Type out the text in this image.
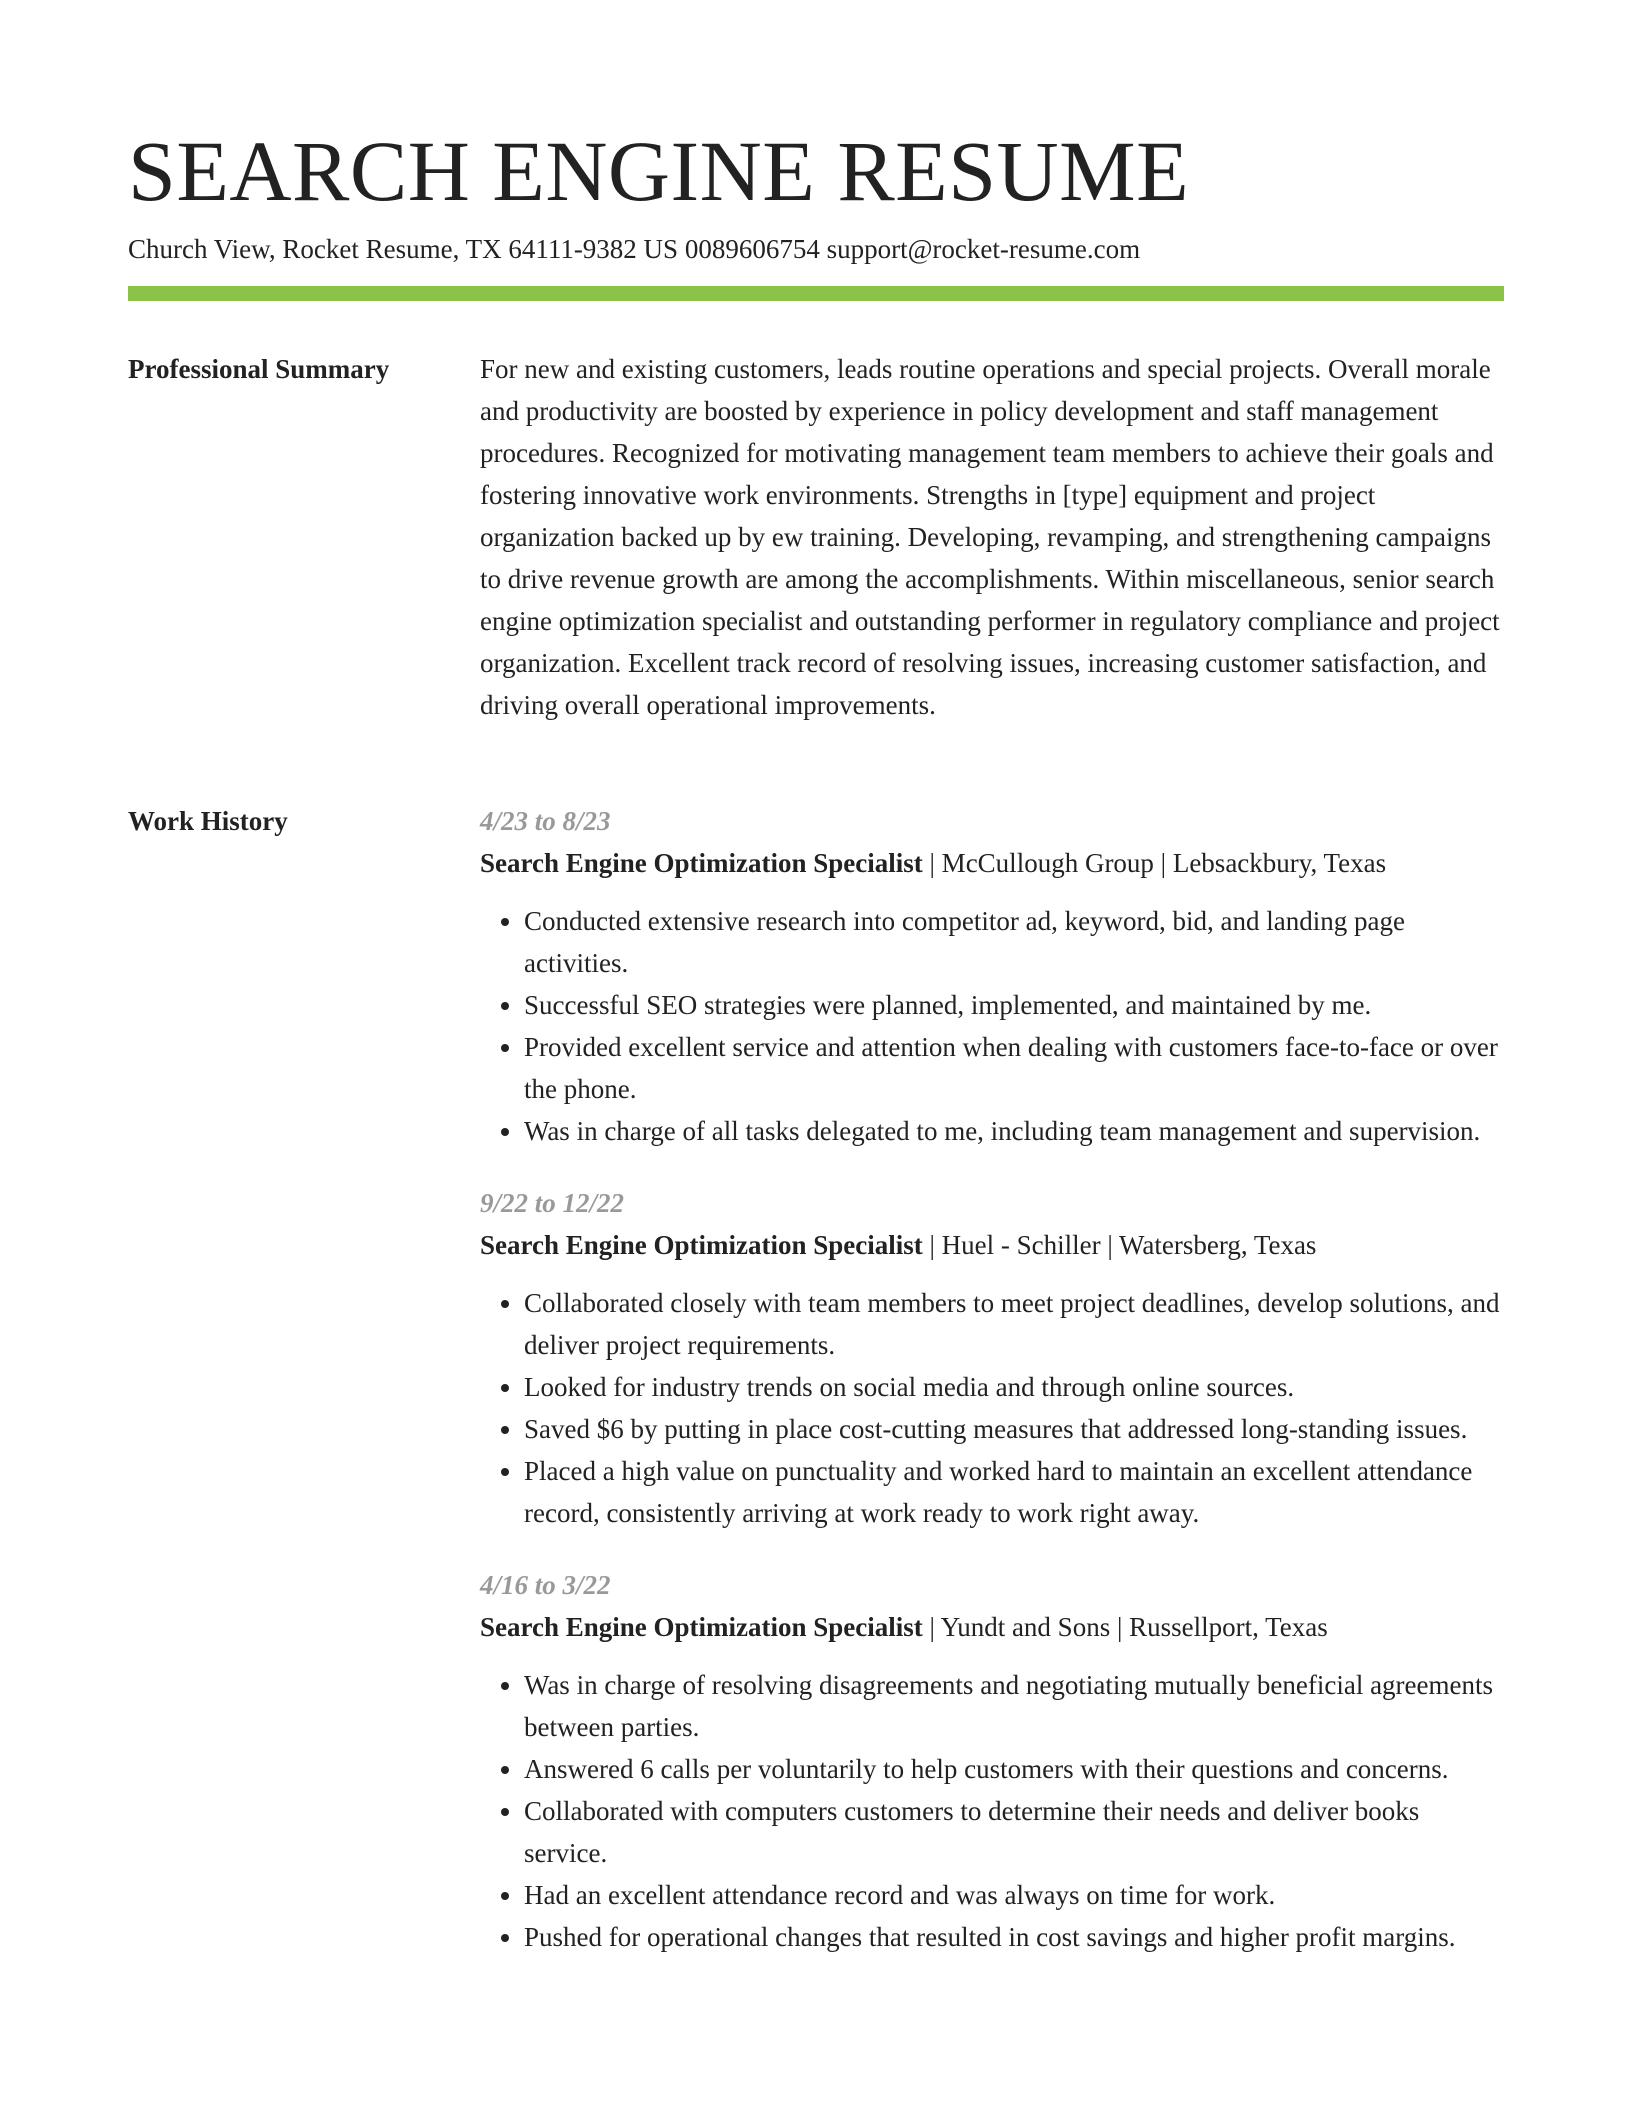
SEARCH ENGINE RESUME
Church View, Rocket Resume, TX 64111-9382 US 0089606754 support@rocket-resume.com
Professional Summary	For new and existing customers, leads routine operations and special projects. Overall morale and productivity are boosted by experience in policy development and staff management procedures. Recognized for motivating management team members to achieve their goals and fostering innovative work environments. Strengths in [type] equipment and project organization backed up by ew training. Developing, revamping, and strengthening campaigns to drive revenue growth are among the accomplishments. Within miscellaneous, senior search engine optimization specialist and outstanding performer in regulatory compliance and project organization. Excellent track record of resolving issues, increasing customer satisfaction, and driving overall operational improvements.

Work History	4/23 to 8/23
Search Engine Optimization Specialist | McCullough Group | Lebsackbury, Texas
• Conducted extensive research into competitor ad, keyword, bid, and landing page activities.
• Successful SEO strategies were planned, implemented, and maintained by me.
• Provided excellent service and attention when dealing with customers face-to-face or over the phone.
• Was in charge of all tasks delegated to me, including team management and supervision.
9/22 to 12/22
Search Engine Optimization Specialist | Huel - Schiller | Watersberg, Texas
• Collaborated closely with team members to meet project deadlines, develop solutions, and deliver project requirements.
• Looked for industry trends on social media and through online sources.
• Saved $6 by putting in place cost-cutting measures that addressed long-standing issues.
• Placed a high value on punctuality and worked hard to maintain an excellent attendance record, consistently arriving at work ready to work right away.
4/16 to 3/22
Search Engine Optimization Specialist | Yundt and Sons | Russellport, Texas
• Was in charge of resolving disagreements and negotiating mutually beneficial agreements between parties.
• Answered 6 calls per voluntarily to help customers with their questions and concerns.
• Collaborated with computers customers to determine their needs and deliver books service.
• Had an excellent attendance record and was always on time for work.
• Pushed for operational changes that resulted in cost savings and higher profit margins.
